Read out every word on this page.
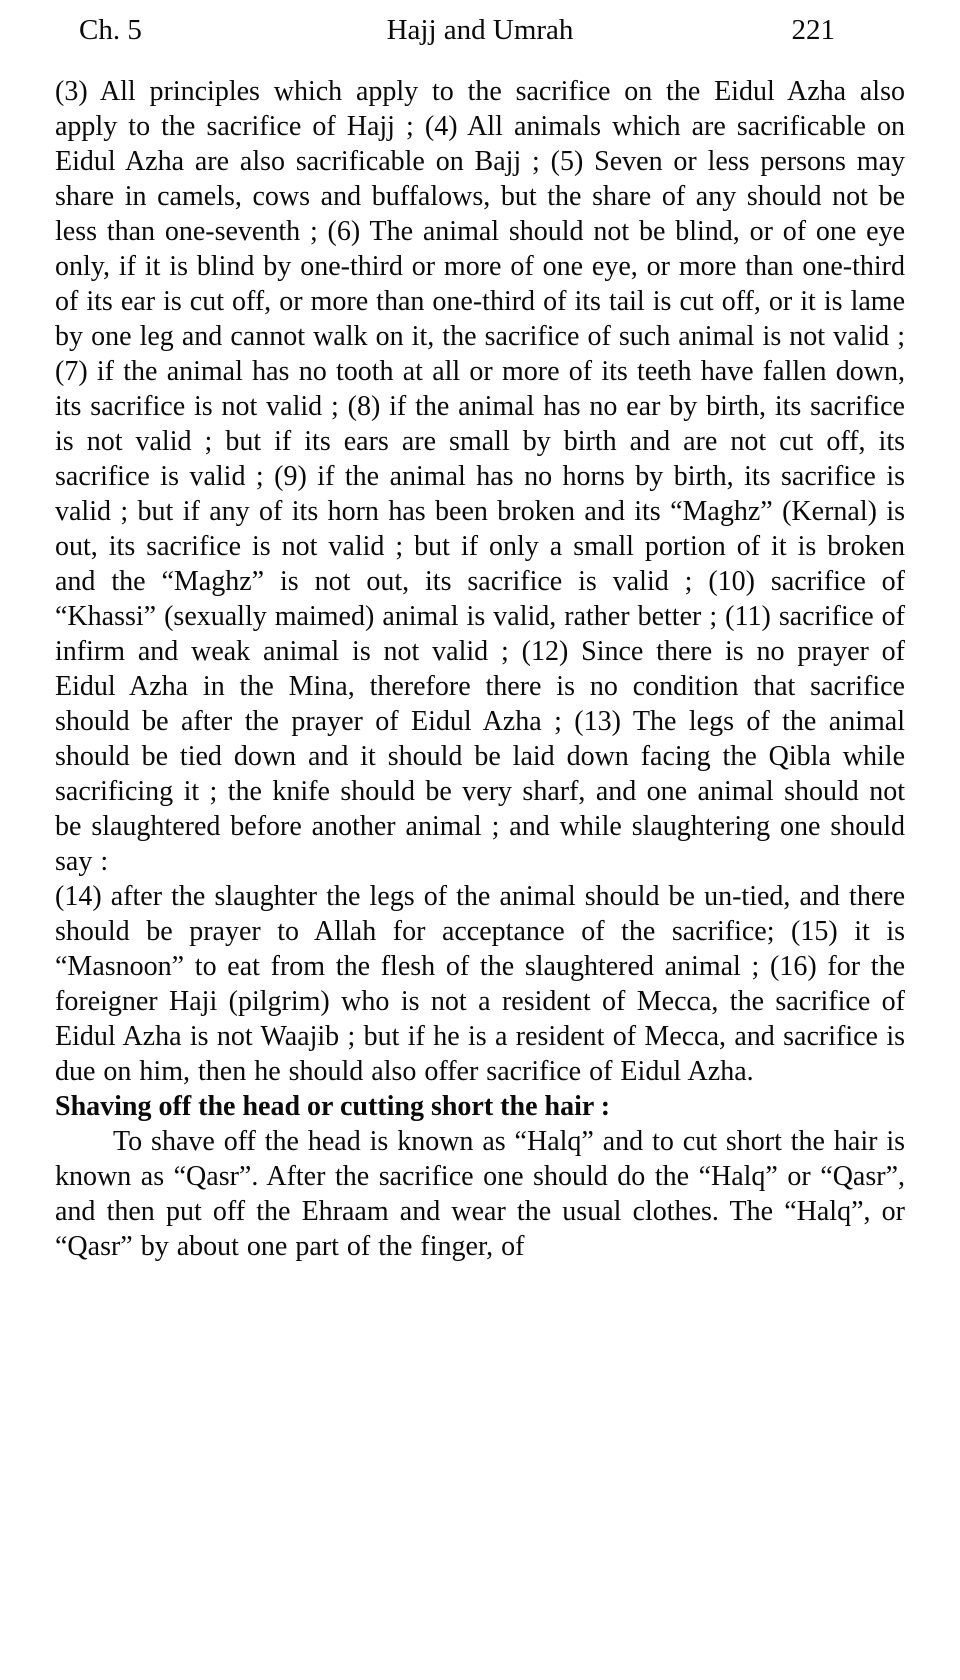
Ch. 5	Hajj and Umrah	221

(3) All principles which apply to the sacrifice on the Eidul Azha also apply to the sacrifice of Hajj ; (4) All animals which are sacrificable on Eidul Azha are also sacrificable on Bajj ; (5) Seven or less persons may share in camels, cows and buffalows, but the share of any should not be less than one-seventh ; (6) The animal should not be blind, or of one eye only, if it is blind by one-third or more of one eye, or more than one-third of its ear is cut off, or more than one-third of its tail is cut off, or it is lame by one leg and cannot walk on it, the sacrifice of such animal is not valid ; (7) if the animal has no tooth at all or more of its teeth have fallen down, its sacrifice is not valid ; (8) if the animal has no ear by birth, its sacrifice is not valid ; but if its ears are small by birth and are not cut off, its sacrifice is valid ; (9) if the animal has no horns by birth, its sacrifice is valid ; but if any of its horn has been broken and its “Maghz” (Kernal) is out, its sacrifice is not valid ; but if only a small portion of it is broken and the “Maghz” is not out, its sacrifice is valid ; (10) sacrifice of “Khassi” (sexually maimed) animal is valid, rather better ; (11) sacrifice of infirm and weak animal is not valid ; (12) Since there is no prayer of Eidul Azha in the Mina, therefore there is no condition that sacrifice should be after the prayer of Eidul Azha ; (13) The legs of the animal should be tied down and it should be laid down facing the Qibla while sacrificing it ; the knife should be very sharf, and one animal should not be slaughtered before another animal ; and while slaughtering one should say :

(14) after the slaughter the legs of the animal should be un-tied, and there should be prayer to Allah for acceptance of the sacrifice; (15) it is “Masnoon” to eat from the flesh of the slaughtered animal ; (16) for the foreigner Haji (pilgrim) who is not a resident of Mecca, the sacrifice of Eidul Azha is not Waajib ; but if he is a resident of Mecca, and sacrifice is due on him, then he should also offer sacrifice of Eidul Azha.

Shaving off the head or cutting short the hair :

To shave off the head is known as “Halq” and to cut short the hair is known as “Qasr”. After the sacrifice one should do the “Halq” or “Qasr”, and then put off the Ehraam and wear the usual clothes. The “Halq”, or “Qasr” by about one part of the finger, of
